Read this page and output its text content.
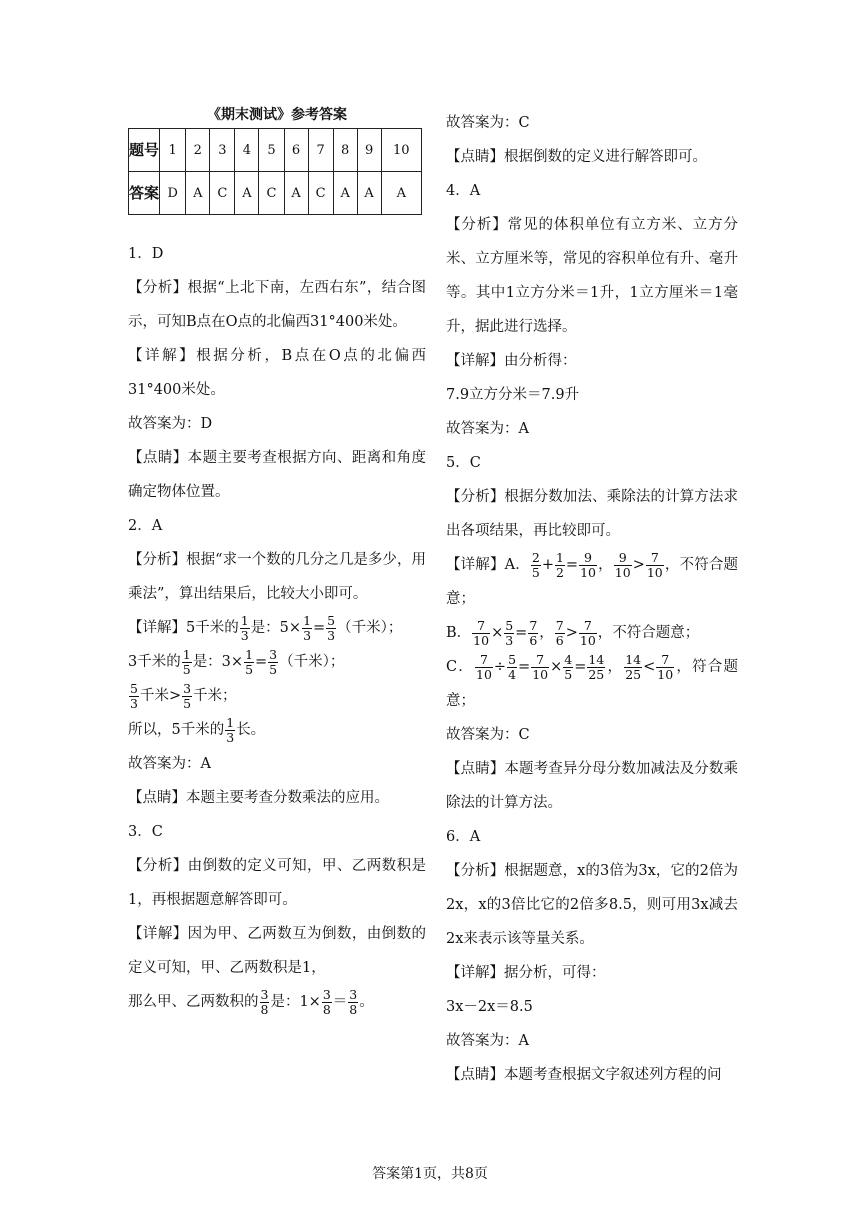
《期末测试》参考答案
题号	1	2	3	4	5	6	7	8	9	10
答案	D	A	C	A	C	A	C	A	A	A

1．D

【分析】根据“上北下南，左西右东”，结合图示，可知B点在O点的北偏西31°400米处。

【详解】根据分析，B点在O点的北偏西31°400米处。

故答案为：D

【点睛】本题主要考查根据方向、距离和角度确定物体位置。

2．A

【分析】根据“求一个数的几分之几是多少，用乘法”，算出结果后，比较大小即可。

【详解】5千米的 $\frac{1}{3}$ 是：$5\times \frac{1}{3} = \frac{5}{3}$ （千米）；

3千米的 $\frac{1}{5}$ 是：$3\times \frac{1}{5} = \frac{3}{5}$ （千米）；

$\frac{5}{3}$ 千米> $\frac{3}{5}$ 千米；

所以，5千米的 $\frac{1}{3}$ 长。

故答案为：A

【点睛】本题主要考查分数乘法的应用。

3．C

【分析】由倒数的定义可知，甲、乙两数积是1，再根据题意解答即可。

【详解】因为甲、乙两数互为倒数，由倒数的定义可知，甲、乙两数积是1，

那么甲、乙两数积的 $\frac{3}{8}$ 是：$1\times \frac{3}{8} = \frac{3}{8}$ 。

故答案为：C

【点睛】根据倒数的定义进行解答即可。

4．A

【分析】常见的体积单位有立方米、立方分米、立方厘米等，常见的容积单位有升、毫升等。其中1立方分米＝1升，1立方厘米＝1毫升，据此进行选择。

【详解】由分析得：

7.9立方分米＝7.9升

故答案为：A

5．C

【分析】根据分数加法、乘除法的计算方法求出各项结果，再比较即可。

【详解】A． $\frac{2}{5} + \frac{1}{2} = \frac{9}{10}$ ， $\frac{9}{10} > \frac{7}{10}$ ，不符合题意；

B． $\frac{7}{10} \times \frac{5}{3} = \frac{7}{6}$ ， $\frac{7}{6} > \frac{7}{10}$ ，不符合题意；

C． $\frac{7}{10} \div \frac{5}{4} = \frac{7}{10} \times \frac{4}{5} = \frac{14}{25}$ ， $\frac{14}{25} < \frac{7}{10}$ ，符合题意；

故答案为：C

【点睛】本题考查异分母分数加减法及分数乘除法的计算方法。

6．A

【分析】根据题意，x的3倍为3x，它的2倍为2x，x的3倍比它的2倍多8.5，则可用3x减去2x来表示该等量关系。

【详解】据分析，可得：

3x－2x＝8.5

故答案为：A

【点睛】本题考查根据文字叙述列方程的问

答案第1页，共8页
